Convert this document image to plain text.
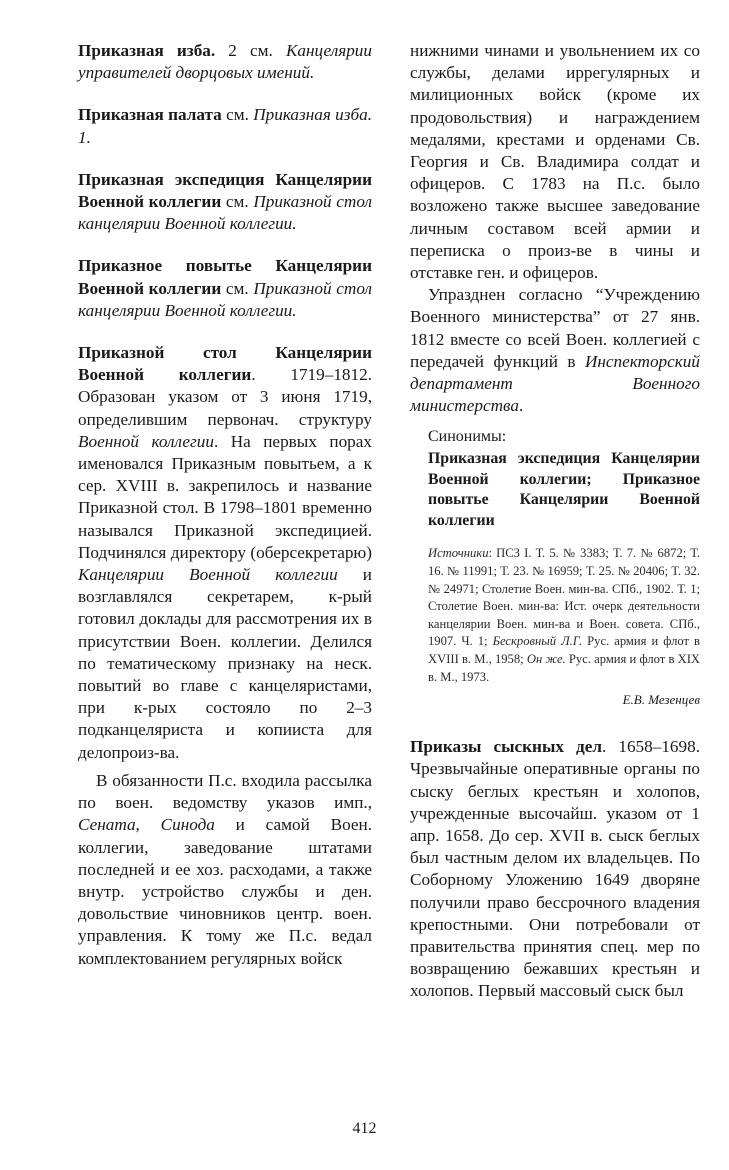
Приказная изба. 2 см. Канцелярии управителей дворцовых имений.

Приказная палата см. Приказная изба. 1.

Приказная экспедиция Канцелярии Военной коллегии см. Приказной стол канцелярии Военной коллегии.

Приказное повытье Канцелярии Военной коллегии см. Приказной стол канцелярии Военной коллегии.

Приказной стол Канцелярии Военной коллегии. 1719–1812. Образован указом от 3 июня 1719, определившим первонач. структуру Военной коллегии. На первых порах именовался Приказным повытьем, а к сер. XVIII в. закрепилось и название Приказной стол. В 1798–1801 временно назывался Приказной экспедицией. Подчинялся директору (оберсекретарю) Канцелярии Военной коллегии и возглавлялся секретарем, к-рый готовил доклады для рассмотрения их в присутствии Воен. коллегии. Делился по тематическому признаку на неск. повытий во главе с канцеляристами, при к-рых состояло по 2–3 подканцеляриста и копииста для делопроиз-ва.

В обязанности П.с. входила рассылка по воен. ведомству указов имп., Сената, Синода и самой Воен. коллегии, заведование штатами последней и ее хоз. расходами, а также внутр. устройство службы и ден. довольствие чиновников центр. воен. управления. К тому же П.с. ведал комплектованием регулярных войск

нижними чинами и увольнением их со службы, делами иррегулярных и милиционных войск (кроме их продовольствия) и награждением медалями, крестами и орденами Св. Георгия и Св. Владимира солдат и офицеров. С 1783 на П.с. было возложено также высшее заведование личным составом всей армии и переписка о произ-ве в чины и отставке ген. и офицеров.

Упразднен согласно “Учреждению Военного министерства” от 27 янв. 1812 вместе со всей Воен. коллегией с передачей функций в Инспекторский департамент Военного министерства.

Синонимы:

Приказная экспедиция Канцелярии Военной коллегии; Приказное повытье Канцелярии Военной коллегии

Источники: ПСЗ I. Т. 5. № 3383; Т. 7. № 6872; Т. 16. № 11991; Т. 23. № 16959; Т. 25. № 20406; Т. 32. № 24971; Столетие Воен. мин-ва. СПб., 1902. Т. 1; Столетие Воен. мин-ва: Ист. очерк деятельности канцелярии Воен. мин-ва и Воен. совета. СПб., 1907. Ч. 1; Бескровный Л.Г. Рус. армия и флот в XVIII в. М., 1958; Он же. Рус. армия и флот в XIX в. М., 1973.

Е.В. Мезенцев

Приказы сыскных дел. 1658–1698. Чрезвычайные оперативные органы по сыску беглых крестьян и холопов, учрежденные высочайш. указом от 1 апр. 1658. До сер. XVII в. сыск беглых был частным делом их владельцев. По Соборному Уложению 1649 дворяне получили право бессрочного владения крепостными. Они потребовали от правительства принятия спец. мер по возвращению бежавших крестьян и холопов. Первый массовый сыск был

412
